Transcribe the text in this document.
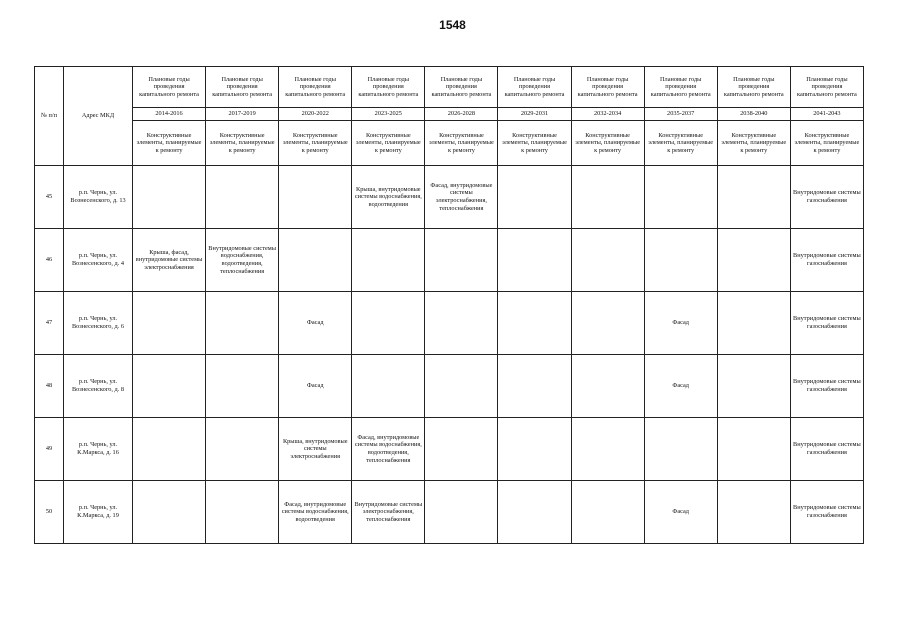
1548
№ п/п	Адрес МКД	Плановые годы проведения капитального ремонта	Плановые годы проведения капитального ремонта	Плановые годы проведения капитального ремонта	Плановые годы проведения капитального ремонта	Плановые годы проведения капитального ремонта	Плановые годы проведения капитального ремонта	Плановые годы проведения капитального ремонта	Плановые годы проведения капитального ремонта	Плановые годы проведения капитального ремонта	Плановые годы проведения капитального ремонта
		2014-2016	2017-2019	2020-2022	2023-2025	2026-2028	2029-2031	2032-2034	2035-2037	2038-2040	2041-2043
		Конструктивные элементы, планируемые к ремонту	Конструктивные элементы, планируемые к ремонту	Конструктивные элементы, планируемые к ремонту	Конструктивные элементы, планируемые к ремонту	Конструктивные элементы, планируемые к ремонту	Конструктивные элементы, планируемые к ремонту	Конструктивные элементы, планируемые к ремонту	Конструктивные элементы, планируемые к ремонту	Конструктивные элементы, планируемые к ремонту	Конструктивные элементы, планируемые к ремонту
45	р.п. Чернь, ул. Вознесенского, д. 13				Крыша, внутридомовые системы водоснабжения, водоотведения	Фасад, внутридомовые системы электроснабжения, теплоснабжения					Внутридомовые системы газоснабжения
46	р.п. Чернь, ул. Вознесенского, д. 4	Крыша, фасад, внутридомовые системы электроснабжения	Внутридомовые системы водоснабжения, водоотведения, теплоснабжения								Внутридомовые системы газоснабжения
47	р.п. Чернь, ул. Вознесенского, д. 6			Фасад					Фасад		Внутридомовые системы газоснабжения
48	р.п. Чернь, ул. Вознесенского, д. 8			Фасад					Фасад		Внутридомовые системы газоснабжения
49	р.п. Чернь, ул. К.Маркса, д. 16			Крыша, внутридомовые системы электроснабжения	Фасад, внутридомовые системы водоснабжения, водоотведения, теплоснабжения						Внутридомовые системы газоснабжения
50	р.п. Чернь, ул. К.Маркса, д. 19			Фасад, внутридомовые системы водоснабжения, водоотведения	Внутридомовые системы электроснабжения, теплоснабжения				Фасад		Внутридомовые системы газоснабжения
